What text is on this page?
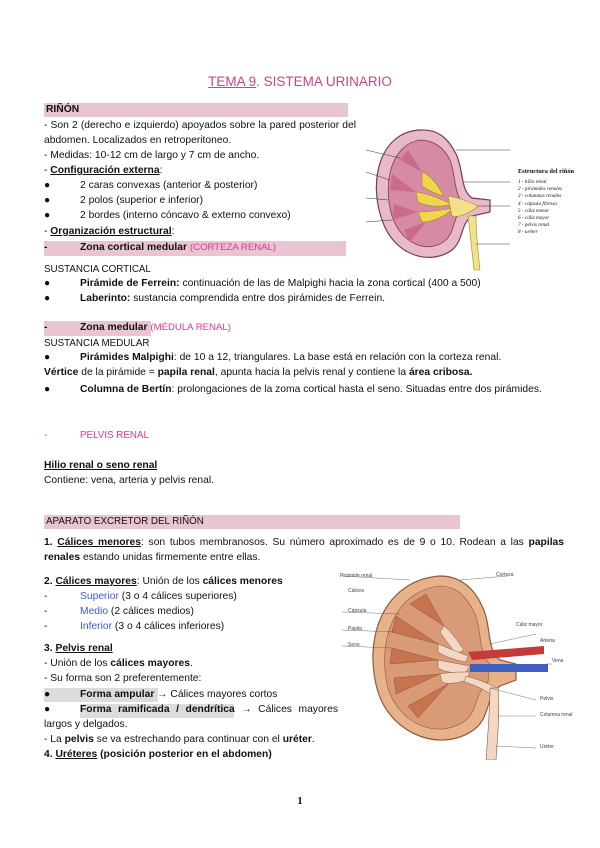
TEMA 9. SISTEMA URINARIO
RIÑÓN
- Son 2 (derecho e izquierdo) apoyados sobre la pared posterior del abdomen. Localizados en retroperitoneo.
- Medidas: 10-12 cm de largo y 7 cm de ancho.
- Configuración externa:
●	2 caras convexas (anterior & posterior)
●	2 polos (superior e inferior)
●	2 bordes (interno cóncavo & externo convexo)
- Organización estructural:
-	Zona cortical medular (CORTEZA RENAL)
SUSTANCIA CORTICAL
●	Pirámide de Ferrein: continuación de las de Malpighi hacia la zona cortical (400 a 500)
●	Laberinto: sustancia comprendida entre dos pirámides de Ferrein.
-	Zona medular (MÉDULA RENAL)
SUSTANCIA MEDULAR
●	Pirámides Malpighi: de 10 a 12, triangulares. La base está en relación con la corteza renal.
Vértice de la pirámide = papila renal, apunta hacia la pelvis renal y contiene la área cribosa.
●	Columna de Bertín: prolongaciones de la zoma cortical hasta el seno. Situadas entre dos pirámides.
-	PELVIS RENAL
Hilio renal o seno renal
Contiene: vena, arteria y pelvis renal.
APARATO EXCRETOR DEL RIÑÓN
1. Cálices menores: son tubos membranosos. Su número aproximado es de 9 o 10. Rodean a las papilas renales estando unidas firmemente entre ellas.
2. Cálices mayores: Unión de los cálices menores
-	Superior (3 o 4 cálices superiores)
-	Medio (2 cálices medios)
-	Inferior (3 o 4 cálices inferiores)
3. Pelvis renal
- Unión de los cálices mayores.
- Su forma son 2 preferentemente:
●	Forma ampular → Cálices mayores cortos
●	Forma ramificada / dendrítica → Cálices mayores largos y delgados.
- La pelvis se va estrechando para continuar con el uréter.
4. Uréteres (posición posterior en el abdomen)
Estructura del riñón
1 - hilio renal
2 - pirámides renales
3 - columnas renales
4 - cápsula fibrosa
5 - cáliz menor
6 - cáliz mayor
7 - pelvis renal
8 - uréter
Pirámide renal	Corteza
Cápsula
Papila
Seno
Cáliz mayor
Arteria
Vena
Pelvis
Columna renal
Uréter
Cálices
1
